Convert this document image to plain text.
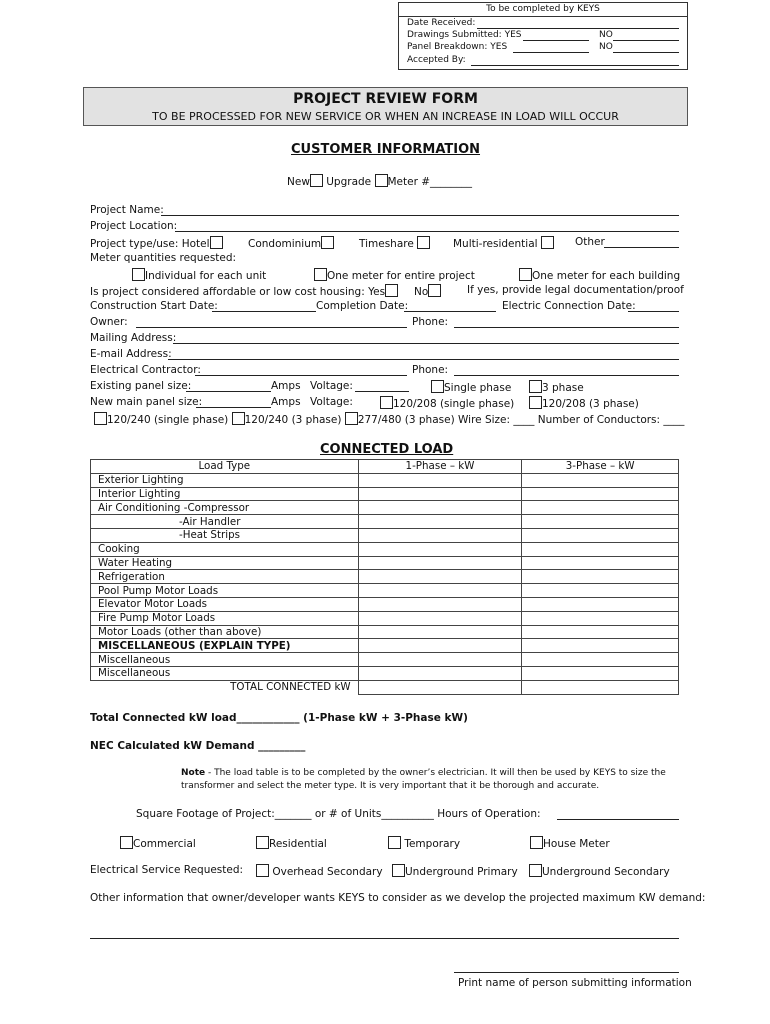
To be completed by KEYS
Date Received:
Drawings Submitted: YES	NO
Panel Breakdown: YES	NO
Accepted By:
PROJECT REVIEW FORM
TO BE PROCESSED FOR NEW SERVICE OR WHEN AN INCREASE IN LOAD WILL OCCUR
CUSTOMER INFORMATION
New Upgrade Meter #________
Project Name:
Project Location:
Project type/use: Hotel	Condominium	Timeshare	Multi-residential	Other
Meter quantities requested:
Individual for each unit	One meter for entire project	One meter for each building
Is project considered affordable or low cost housing: Yes	No	If yes, provide legal documentation/proof
Construction Start Date:	Completion Date:	Electric Connection Date:
Owner:	Phone:
Mailing Address:
E-mail Address:
Electrical Contractor:	Phone:
Existing panel size:	Amps Voltage:	Single phase	3 phase
New main panel size:	Amps Voltage:	120/208 (single phase)	120/208 (3 phase)
120/240 (single phase) 120/240 (3 phase) 277/480 (3 phase) Wire Size: ____ Number of Conductors: ____
CONNECTED LOAD
Load Type	1-Phase – kW	3-Phase – kW
Exterior Lighting		
Interior Lighting		
Air Conditioning -Compressor		
-Air Handler		
-Heat Strips		
Cooking		
Water Heating		
Refrigeration		
Pool Pump Motor Loads		
Elevator Motor Loads		
Fire Pump Motor Loads		
Motor Loads (other than above)		
MISCELLANEOUS (EXPLAIN TYPE)		
Miscellaneous		
Miscellaneous		
TOTAL CONNECTED kW		
Total Connected kW load____________ (1-Phase kW + 3-Phase kW)
NEC Calculated kW Demand _________
Note - The load table is to be completed by the owner’s electrician. It will then be used by KEYS to size the
transformer and select the meter type. It is very important that it be thorough and accurate.
Square Footage of Project:_______ or # of Units__________ Hours of Operation:
Commercial	Residential	Temporary	House Meter
Electrical Service Requested:	Overhead Secondary	Underground Primary	Underground Secondary
Other information that owner/developer wants KEYS to consider as we develop the projected maximum KW demand:
Print name of person submitting information
